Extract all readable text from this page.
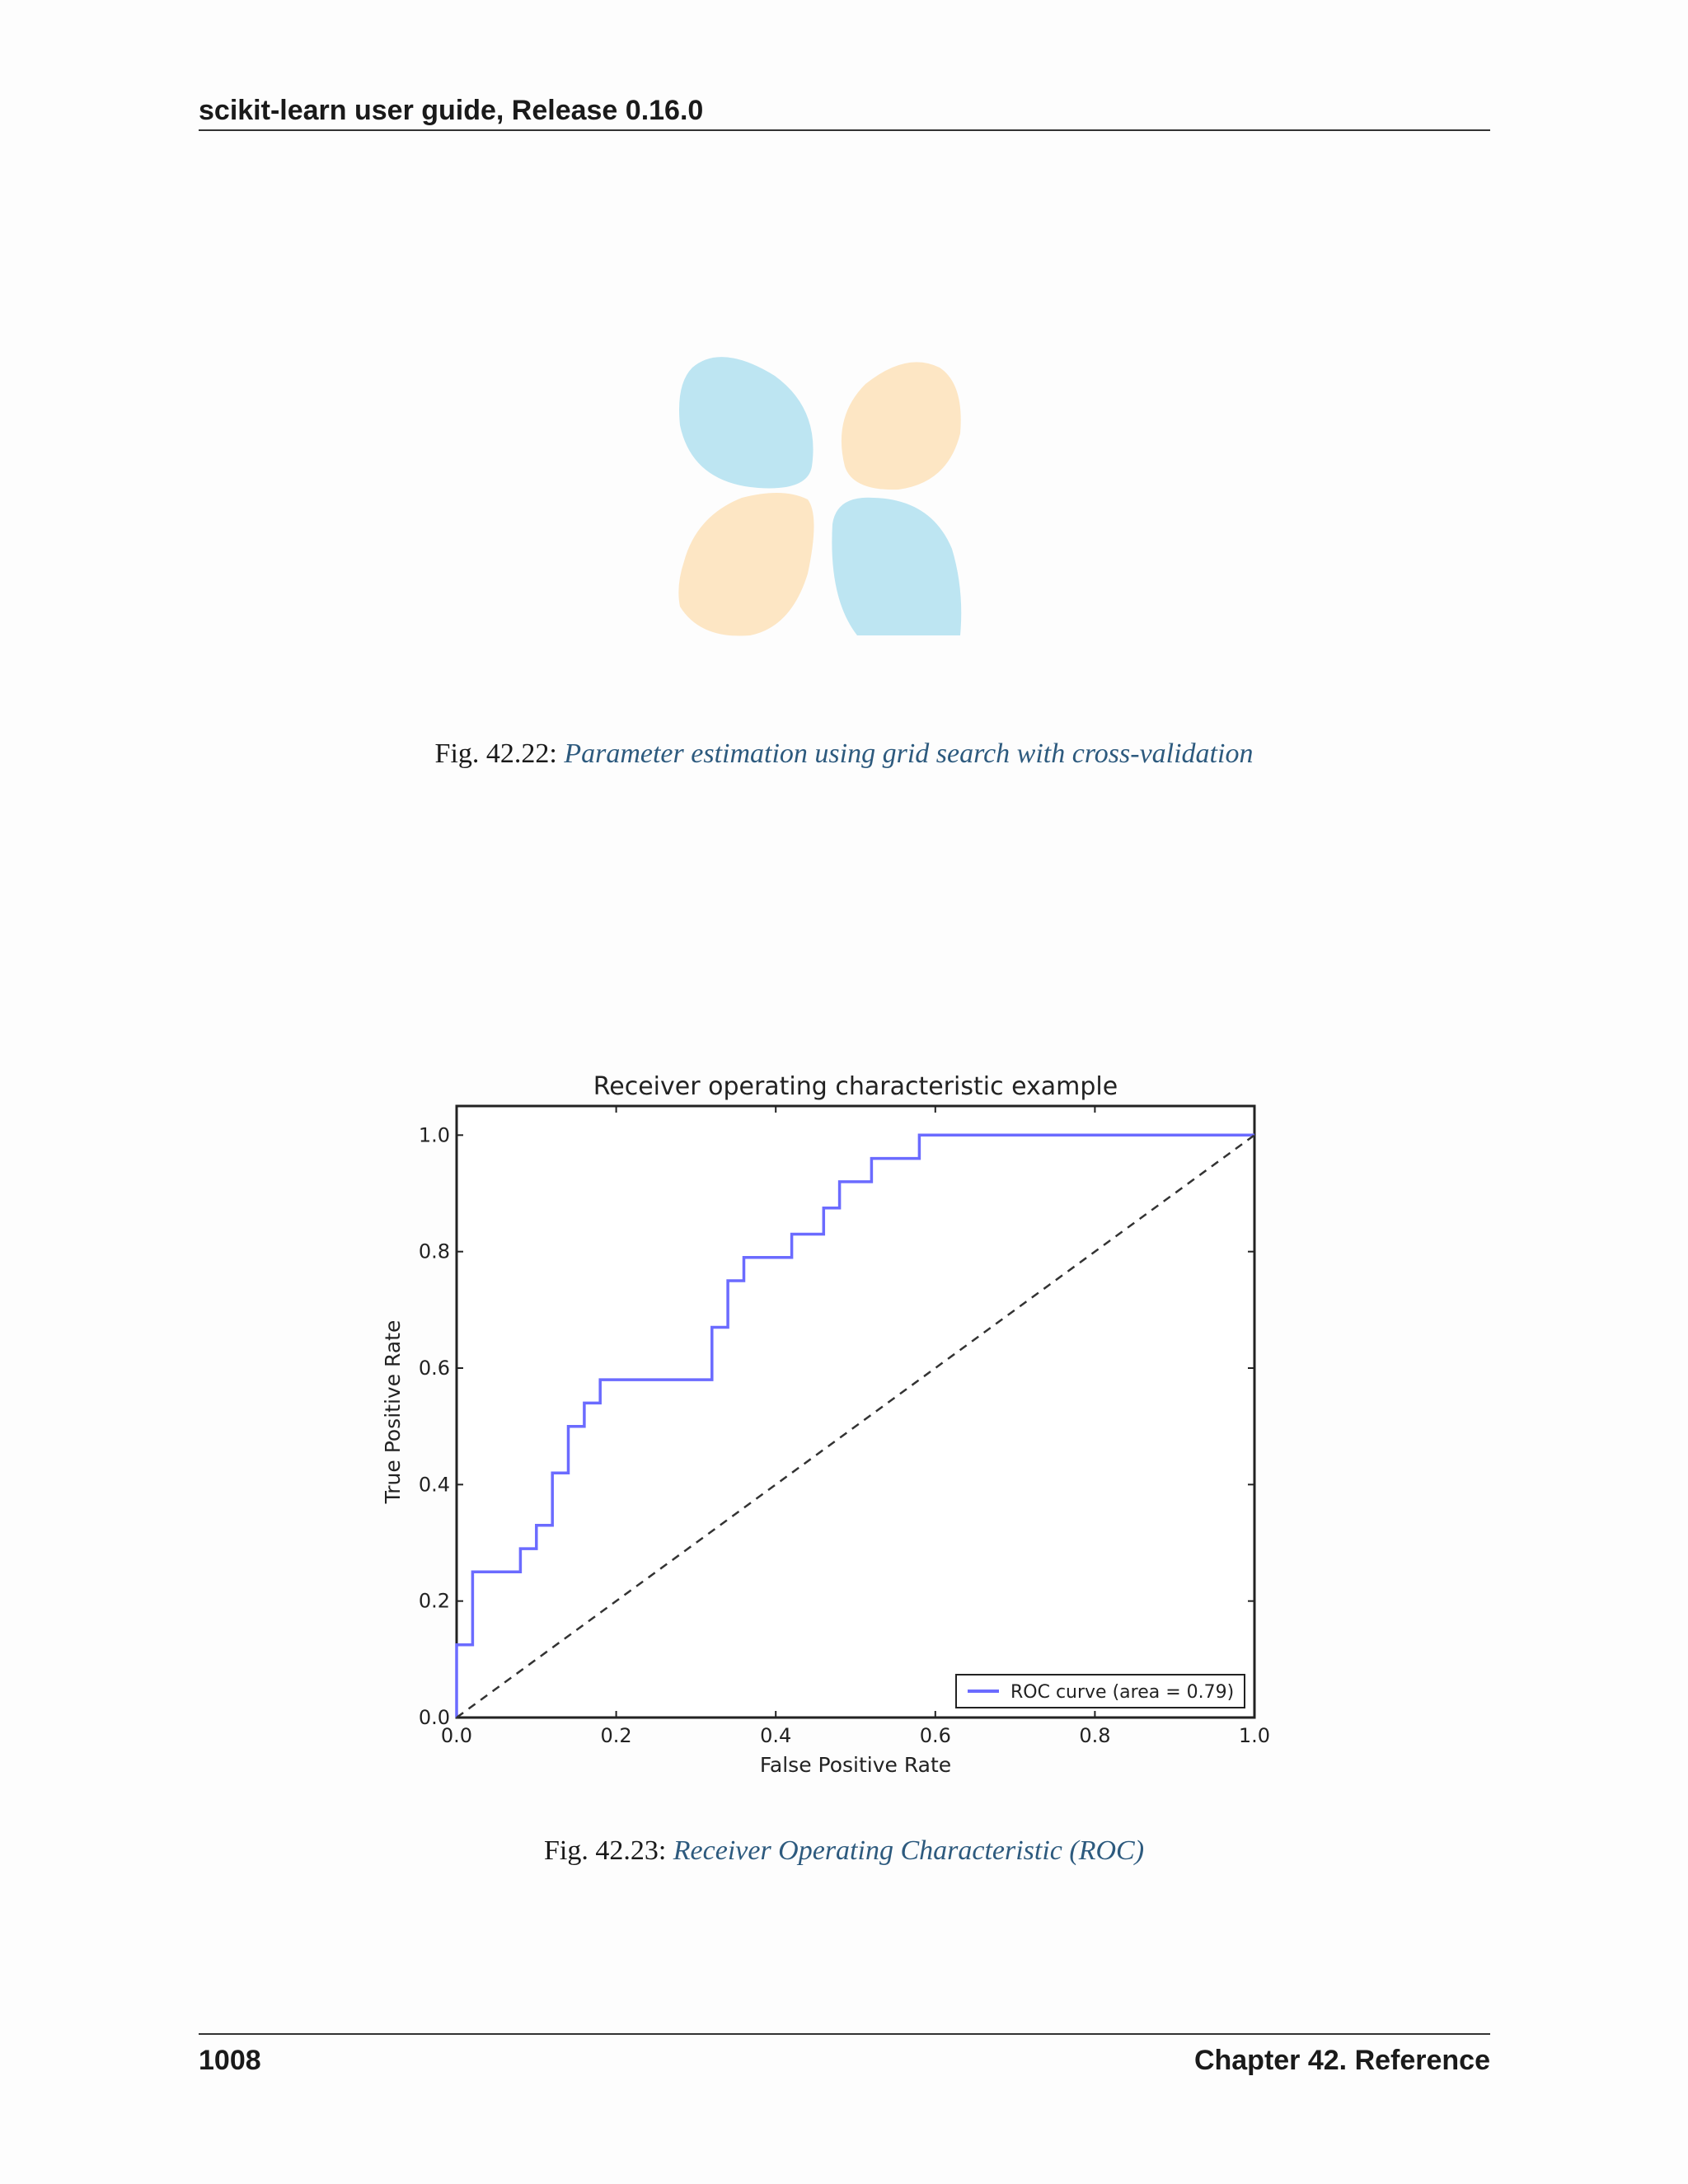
scikit-learn user guide, Release 0.16.0
Fig. 42.22: Parameter estimation using grid search with cross-validation
Receiver operating characteristic example
0.0	0.2	0.4	0.6	0.8	1.0
0.0
0.2
0.4
0.6
0.8
1.0
False Positive Rate
True Positive Rate
ROC curve (area = 0.79)
Fig. 42.23: Receiver Operating Characteristic (ROC)
1008	Chapter 42. Reference
